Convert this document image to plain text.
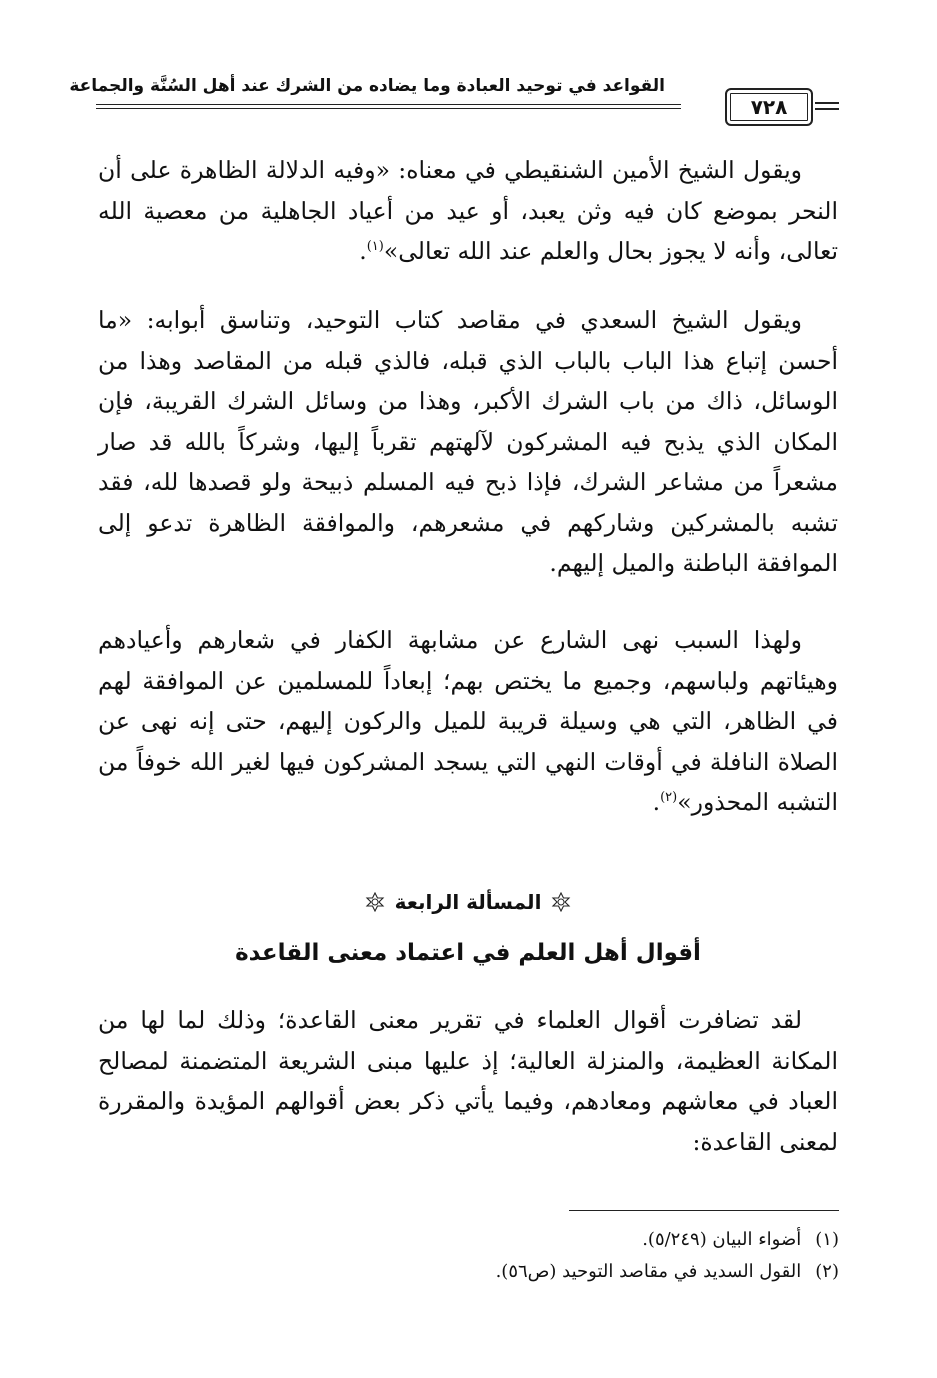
القواعد في توحيد العبادة وما يضاده من الشرك عند أهل السُنَّة والجماعة
٧٢٨

ويقول الشيخ الأمين الشنقيطي في معناه: «وفيه الدلالة الظاهرة على أن النحر بموضع كان فيه وثن يعبد، أو عيد من أعياد الجاهلية من معصية الله تعالى، وأنه لا يجوز بحال والعلم عند الله تعالى»$^{(١)}$.

ويقول الشيخ السعدي في مقاصد كتاب التوحيد، وتناسق أبوابه: «ما أحسن إتباع هذا الباب بالباب الذي قبله، فالذي قبله من المقاصد وهذا من الوسائل، ذاك من باب الشرك الأكبر، وهذا من وسائل الشرك القريبة، فإن المكان الذي يذبح فيه المشركون لآلهتهم تقرباً إليها، وشركاً بالله قد صار مشعراً من مشاعر الشرك، فإذا ذبح فيه المسلم ذبيحة ولو قصدها لله، فقد تشبه بالمشركين وشاركهم في مشعرهم، والموافقة الظاهرة تدعو إلى الموافقة الباطنة والميل إليهم.

ولهذا السبب نهى الشارع عن مشابهة الكفار في شعارهم وأعيادهم وهيئاتهم ولباسهم، وجميع ما يختص بهم؛ إبعاداً للمسلمين عن الموافقة لهم في الظاهر، التي هي وسيلة قريبة للميل والركون إليهم، حتى إنه نهى عن الصلاة النافلة في أوقات النهي التي يسجد المشركون فيها لغير الله خوفاً من التشبه المحذور»$^{(٢)}$.

المسألة الرابعة
أقوال أهل العلم في اعتماد معنى القاعدة

لقد تضافرت أقوال العلماء في تقرير معنى القاعدة؛ وذلك لما لها من المكانة العظيمة، والمنزلة العالية؛ إذ عليها مبنى الشريعة المتضمنة لمصالح العباد في معاشهم ومعادهم، وفيما يأتي ذكر بعض أقوالهم المؤيدة والمقررة لمعنى القاعدة:

(١)
أضواء البيان (٥/٢٤٩).
(٢)
القول السديد في مقاصد التوحيد (ص٥٦).
